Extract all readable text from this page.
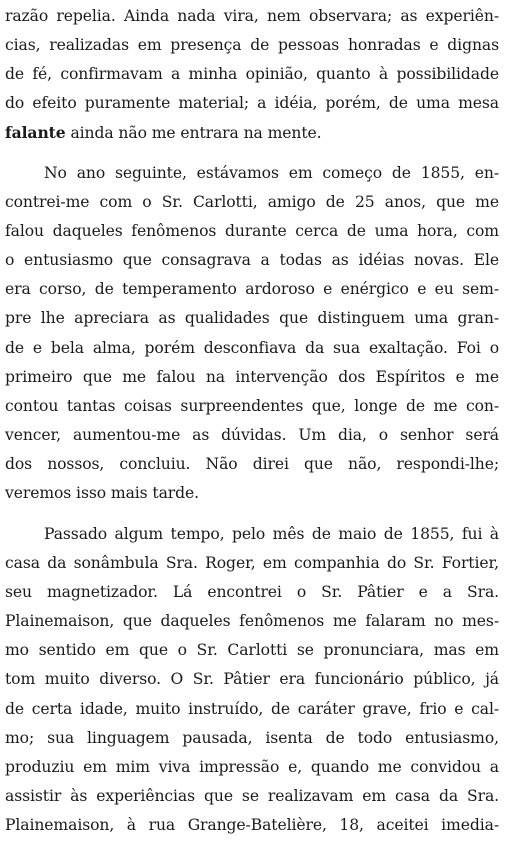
razão repelia. Ainda nada vira, nem observara; as experiên-
cias, realizadas em presença de pessoas honradas e dignas
de fé, confirmavam a minha opinião, quanto à possibilidade
do efeito puramente material; a idéia, porém, de uma mesa
falante ainda não me entrara na mente.
No ano seguinte, estávamos em começo de 1855, en-
contrei-me com o Sr. Carlotti, amigo de 25 anos, que me
falou daqueles fenômenos durante cerca de uma hora, com
o entusiasmo que consagrava a todas as idéias novas. Ele
era corso, de temperamento ardoroso e enérgico e eu sem-
pre lhe apreciara as qualidades que distinguem uma gran-
de e bela alma, porém desconfiava da sua exaltação. Foi o
primeiro que me falou na intervenção dos Espíritos e me
contou tantas coisas surpreendentes que, longe de me con-
vencer, aumentou-me as dúvidas. Um dia, o senhor será
dos nossos, concluiu. Não direi que não, respondi-lhe;
veremos isso mais tarde.
Passado algum tempo, pelo mês de maio de 1855, fui à
casa da sonâmbula Sra. Roger, em companhia do Sr. Fortier,
seu magnetizador. Lá encontrei o Sr. Pâtier e a Sra.
Plainemaison, que daqueles fenômenos me falaram no mes-
mo sentido em que o Sr. Carlotti se pronunciara, mas em
tom muito diverso. O Sr. Pâtier era funcionário público, já
de certa idade, muito instruído, de caráter grave, frio e cal-
mo; sua linguagem pausada, isenta de todo entusiasmo,
produziu em mim viva impressão e, quando me convidou a
assistir às experiências que se realizavam em casa da Sra.
Plainemaison, à rua Grange-Batelière, 18, aceitei imedia-
